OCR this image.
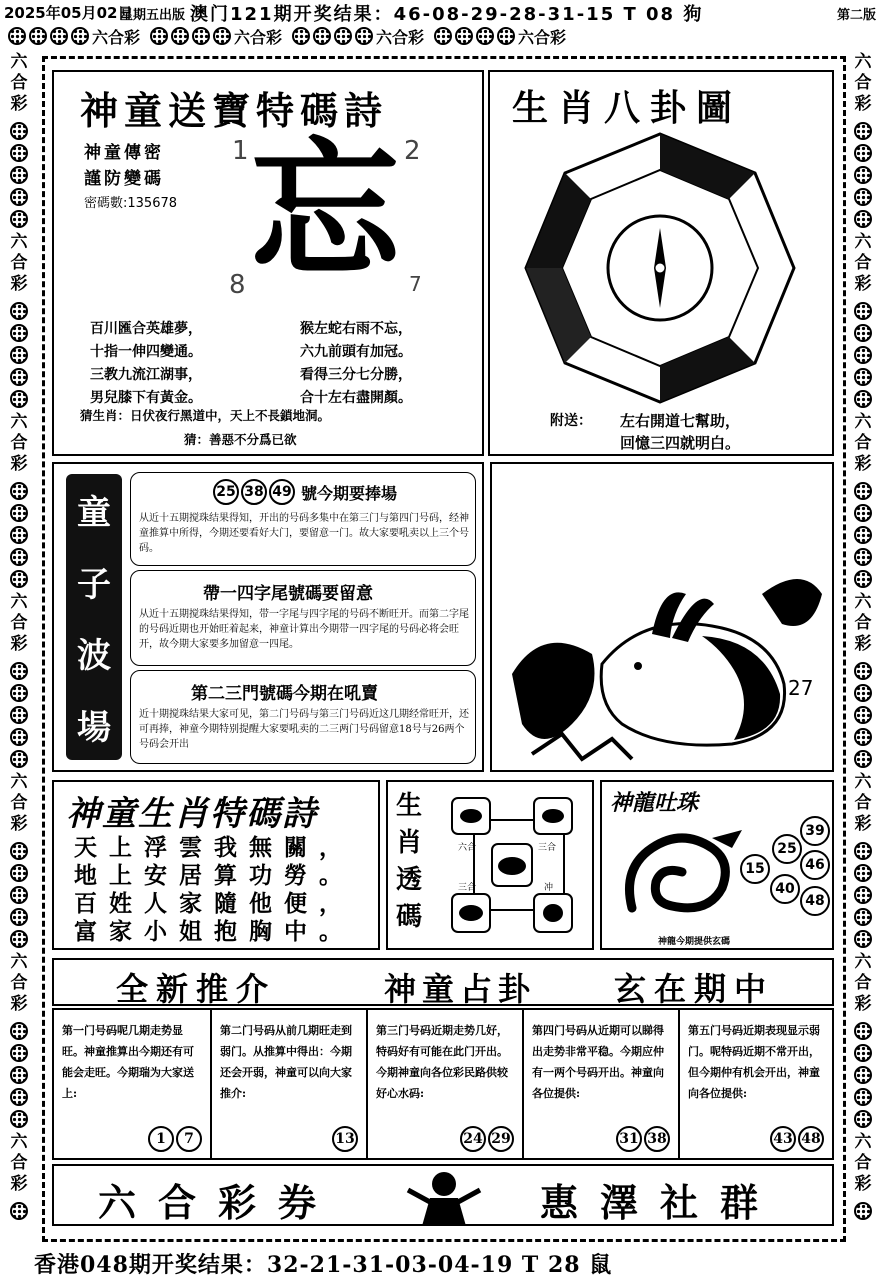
2025年05月02日
星期五出版 澳门121期开奖结果：46-08-29-28-31-15 T 08 狗	第二版
六合彩	六合彩	六合彩	六合彩
六
合
彩
六
合
彩
六
合
彩
六
合
彩
六
合
彩
六
合
彩
六
合
彩
六
合
彩
六
合
彩
六
合
彩
六
合
彩
六
合
彩
六
合
彩
六
合
彩
神童送寶特碼詩
神童傳密
謹防變碼
密碼數:135678
1	2
8	7
忘
百川匯合英雄夢，
十指一伸四變通。
三教九流江湖事，
男兒膝下有黃金。
猴左蛇右雨不忘，
六九前頭有加冠。
看得三分七分勝，
合十左右盡開顏。
猜生肖：日伏夜行黑道中，天上不長鎖地洞。
猜：善惡不分爲已欲
生肖八卦圖
附送： 左右開道七幫助，
回憶三四就明白。
童
子
波
場
25 38 49 號今期要捧場
从近十五期搅珠结果得知，开出的号码多集中在第三门与第四门号码，经神童推算中所得，今期还要看好大门，要留意一门。故大家要吼卖以上三个号码。
帶一四字尾號碼要留意
从近十五期搅珠结果得知，带一字尾与四字尾的号码不断旺开。而第二字尾的号码近期也开始旺着起来，神童计算出今期带一四字尾的号码必将会旺开，故今期大家要多加留意一四尾。
第二三門號碼今期在吼賣
近十期搅珠结果大家可见，第二门号码与第三门号码近这几期经常旺开，还可再捧，神童今期特别提醒大家要吼卖的二三两门号码留意18号与26两个号码会开出
27
神童生肖特碼詩
天上浮雲我無關，
地上安居算功勞。
百姓人家隨他便，
富家小姐抱胸中。
生
肖
透
碼
六合	三合
三合	冲
神龍吐珠
39
25
46
15
40
48
神龍今期提供玄碼
全新推介	神童占卦 玄在期中
第一门号码呢几期走势显旺。神童推算出今期还有可能会走旺。今期瑞为大家送上:
1	7
第二门号码从前几期旺走到弱门。从推算中得出：今期还会开弱，神童可以向大家推介:
13
第三门号码近期走势几好，特码好有可能在此门开出。今期神童向各位彩民路供较好心水码:
24 29
第四门号码从近期可以睇得出走势非常平稳。今期应仲有一两个号码开出。神童向各位提供:
31 38
第五门号码近期表现显示弱门。呢特码近期不常开出，但今期仲有机会开出，神童向各位提供:
43 48
六合彩券	惠澤社群
香港048期开奖结果：32-21-31-03-04-19 T 28 鼠
